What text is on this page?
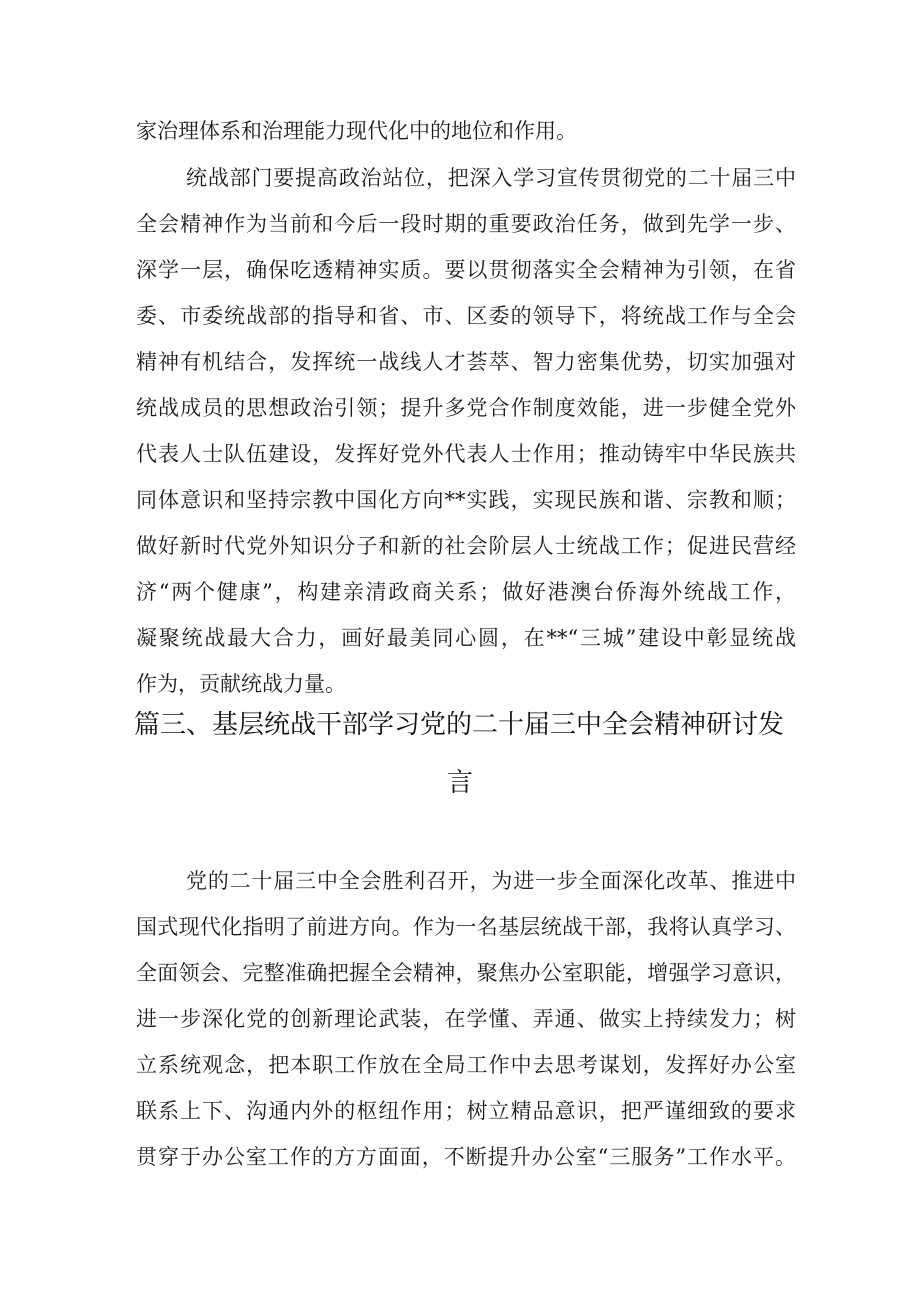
家治理体系和治理能力现代化中的地位和作用。
统战部门要提高政治站位，把深入学习宣传贯彻党的二十届三中
全会精神作为当前和今后一段时期的重要政治任务，做到先学一步、
深学一层，确保吃透精神实质。要以贯彻落实全会精神为引领，在省
委、市委统战部的指导和省、市、区委的领导下，将统战工作与全会
精神有机结合，发挥统一战线人才荟萃、智力密集优势，切实加强对
统战成员的思想政治引领；提升多党合作制度效能，进一步健全党外
代表人士队伍建设，发挥好党外代表人士作用；推动铸牢中华民族共
同体意识和坚持宗教中国化方向**实践，实现民族和谐、宗教和顺；
做好新时代党外知识分子和新的社会阶层人士统战工作；促进民营经
济“两个健康”，构建亲清政商关系；做好港澳台侨海外统战工作，
凝聚统战最大合力，画好最美同心圆，在**“三城”建设中彰显统战
作为，贡献统战力量。
篇三、基层统战干部学习党的二十届三中全会精神研讨发
言
党的二十届三中全会胜利召开，为进一步全面深化改革、推进中
国式现代化指明了前进方向。作为一名基层统战干部，我将认真学习、
全面领会、完整准确把握全会精神，聚焦办公室职能，增强学习意识，
进一步深化党的创新理论武装，在学懂、弄通、做实上持续发力；树
立系统观念，把本职工作放在全局工作中去思考谋划，发挥好办公室
联系上下、沟通内外的枢纽作用；树立精品意识，把严谨细致的要求
贯穿于办公室工作的方方面面，不断提升办公室“三服务”工作水平。
